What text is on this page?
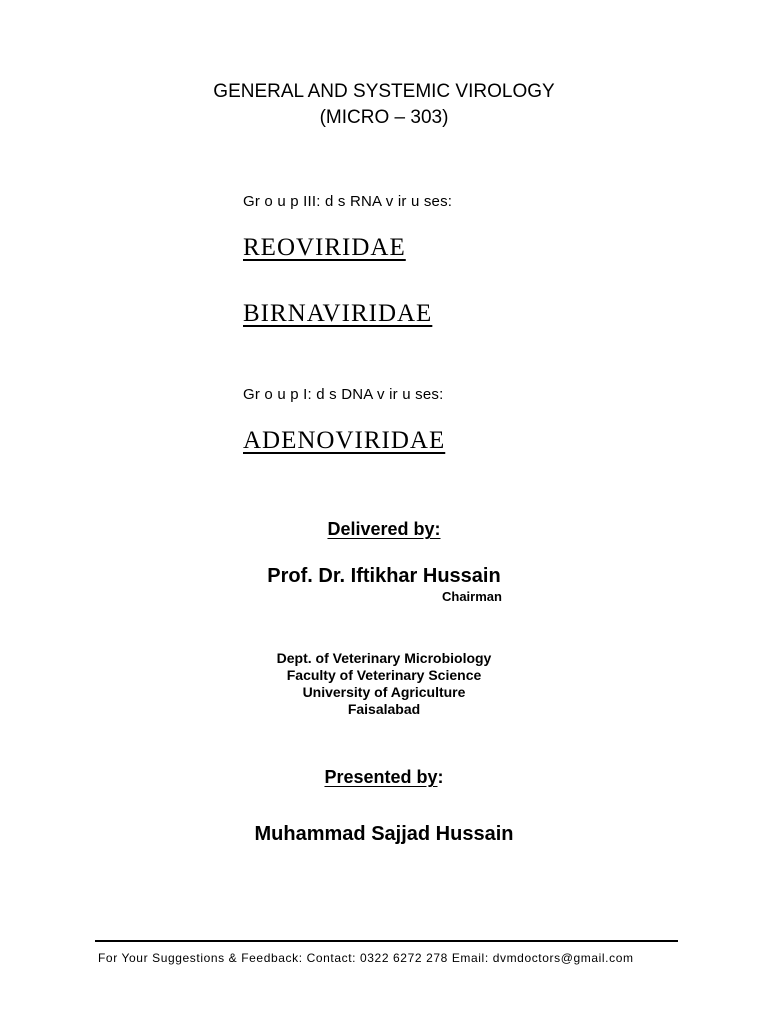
GENERAL AND SYSTEMIC VIROLOGY
(MICRO – 303)
Gr o u p III: d s RNA v ir u ses:
REOVIRIDAE
BIRNAVIRIDAE
Gr o u p I: d s DNA v ir u ses:
ADENOVIRIDAE
Delivered by:
Prof. Dr. Iftikhar Hussain
Chairman
Dept. of Veterinary Microbiology
Faculty of Veterinary Science
University of Agriculture
Faisalabad
Presented by:
Muhammad Sajjad Hussain
For Your Suggestions & Feedback: Contact: 0322 6272 278 Email: dvmdoctors@gmail.com
